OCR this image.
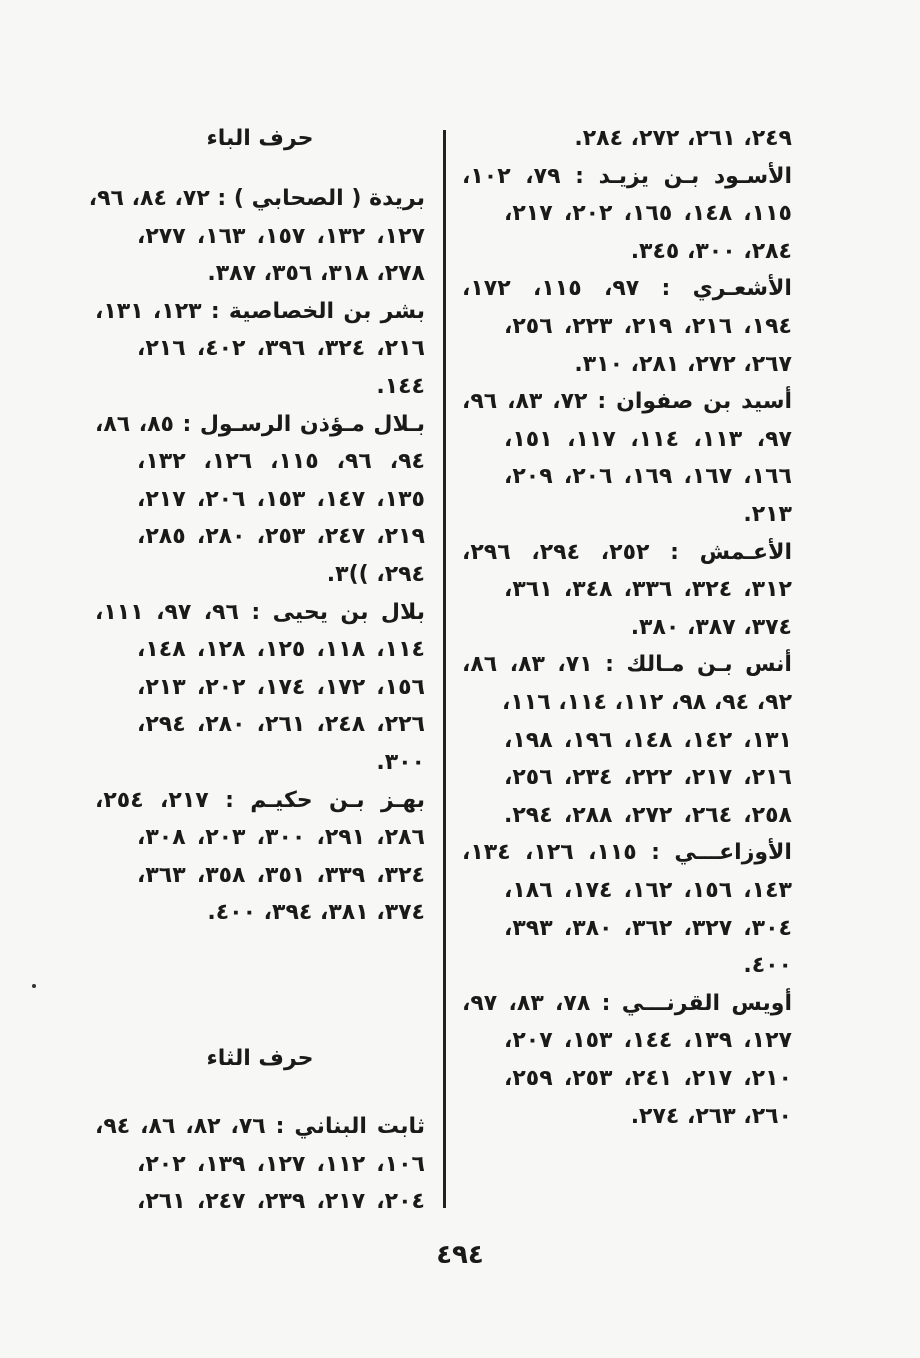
٢٤٩، ٢٦١، ٢٧٢، ٢٨٤.
الأسـود بـن يزيـد : ٧٩، ١٠٢،
١١٥، ١٤٨، ١٦٥، ٢٠٢، ٢١٧،
٢٨٤، ٣٠٠، ٣٤٥.
الأشعـري : ٩٧، ١١٥، ١٧٢،
١٩٤، ٢١٦، ٢١٩، ٢٢٣، ٢٥٦،
٢٦٧، ٢٧٢، ٢٨١، ٣١٠.
أسيد بن صفوان : ٧٢، ٨٣، ٩٦،
٩٧، ١١٣، ١١٤، ١١٧، ١٥١،
١٦٦، ١٦٧، ١٦٩، ٢٠٦، ٢٠٩،
٢١٣.
الأعـمش : ٢٥٢، ٢٩٤، ٢٩٦،
٣١٢، ٣٢٤، ٣٣٦، ٣٤٨، ٣٦١،
٣٧٤، ٣٨٧، ٣٨٠.
أنس بـن مـالك : ٧١، ٨٣، ٨٦،
٩٢، ٩٤، ٩٨، ١١٢، ١١٤، ١١٦،
١٣١، ١٤٢، ١٤٨، ١٩٦، ١٩٨،
٢١٦، ٢١٧، ٢٢٢، ٢٣٤، ٢٥٦،
٢٥٨، ٢٦٤، ٢٧٢، ٢٨٨، ٢٩٤.
الأوزاعـــي : ١١٥، ١٢٦، ١٣٤،
١٤٣، ١٥٦، ١٦٢، ١٧٤، ١٨٦،
٣٠٤، ٣٢٧، ٣٦٢، ٣٨٠، ٣٩٣،
٤٠٠.
أويس القرنـــي : ٧٨، ٨٣، ٩٧،
١٢٧، ١٣٩، ١٤٤، ١٥٣، ٢٠٧،
٢١٠، ٢١٧، ٢٤١، ٢٥٣، ٢٥٩،
٢٦٠، ٢٦٣، ٢٧٤.
حرف الباء
بريدة ( الصحابي ) : ٧٢، ٨٤، ٩٦،
١٢٧، ١٣٢، ١٥٧، ١٦٣، ٢٧٧،
٢٧٨، ٣١٨، ٣٥٦، ٣٨٧.
بشر بن الخصاصية : ١٢٣، ١٣١،
٢١٦، ٣٢٤، ٣٩٦، ٤٠٢، ٢١٦،
١٤٤.
بـلال مـؤذن الرسـول : ٨٥، ٨٦،
٩٤، ٩٦، ١١٥، ١٢٦، ١٣٢،
١٣٥، ١٤٧، ١٥٣، ٢٠٦، ٢١٧،
٢١٩، ٢٤٧، ٢٥٣، ٢٨٠، ٢٨٥،
٢٩٤، ))٣.
بلال بن يحيى : ٩٦، ٩٧، ١١١،
١١٤، ١١٨، ١٢٥، ١٢٨، ١٤٨،
١٥٦، ١٧٢، ١٧٤، ٢٠٢، ٢١٣،
٢٢٦، ٢٤٨، ٢٦١، ٢٨٠، ٢٩٤،
٣٠٠.
بهـز بـن حكيـم : ٢١٧، ٢٥٤،
٢٨٦، ٢٩١، ٣٠٠، ٢٠٣، ٣٠٨،
٣٢٤، ٣٣٩، ٣٥١، ٣٥٨، ٣٦٣،
٣٧٤، ٣٨١، ٣٩٤، ٤٠٠.
حرف الثاء
ثابت البناني : ٧٦، ٨٢، ٨٦، ٩٤،
١٠٦، ١١٢، ١٢٧، ١٣٩، ٢٠٢،
٢٠٤، ٢١٧، ٢٣٩، ٢٤٧، ٢٦١،
٤٩٤
